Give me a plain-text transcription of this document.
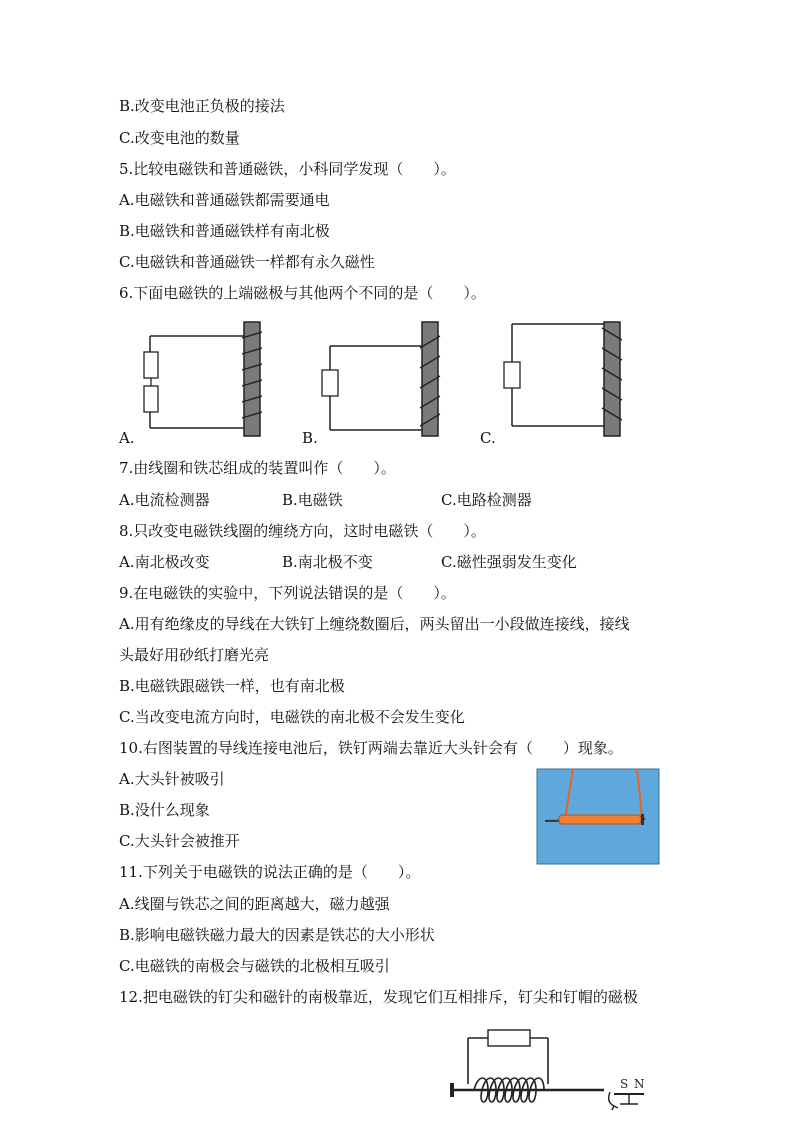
B.改变电池正负极的接法
C.改变电池的数量
5.比较电磁铁和普通磁铁，小科同学发现（　　）。
A.电磁铁和普通磁铁都需要通电
B.电磁铁和普通磁铁样有南北极
C.电磁铁和普通磁铁一样都有永久磁性
6.下面电磁铁的上端磁极与其他两个不同的是（　　）。
A.	B.	C.
7.由线圈和铁芯组成的装置叫作（　　）。
A.电流检测器	B.电磁铁	C.电路检测器
8.只改变电磁铁线圈的缠绕方向，这时电磁铁（　　）。
A.南北极改变	B.南北极不变	C.磁性强弱发生变化
9.在电磁铁的实验中，下列说法错误的是（　　）。
A.用有绝缘皮的导线在大铁钉上缠绕数圈后，两头留出一小段做连接线，接线
头最好用砂纸打磨光亮
B.电磁铁跟磁铁一样，也有南北极
C.当改变电流方向时，电磁铁的南北极不会发生变化
10.右图装置的导线连接电池后，铁钉两端去靠近大头针会有（　　）现象。
A.大头针被吸引
B.没什么现象
C.大头针会被推开
11.下列关于电磁铁的说法正确的是（　　）。
A.线圈与铁芯之间的距离越大，磁力越强
B.影响电磁铁磁力最大的因素是铁芯的大小形状
C.电磁铁的南极会与磁铁的北极相互吸引
12.把电磁铁的钉尖和磁针的南极靠近，发现它们互相排斥，钉尖和钉帽的磁极
S N
